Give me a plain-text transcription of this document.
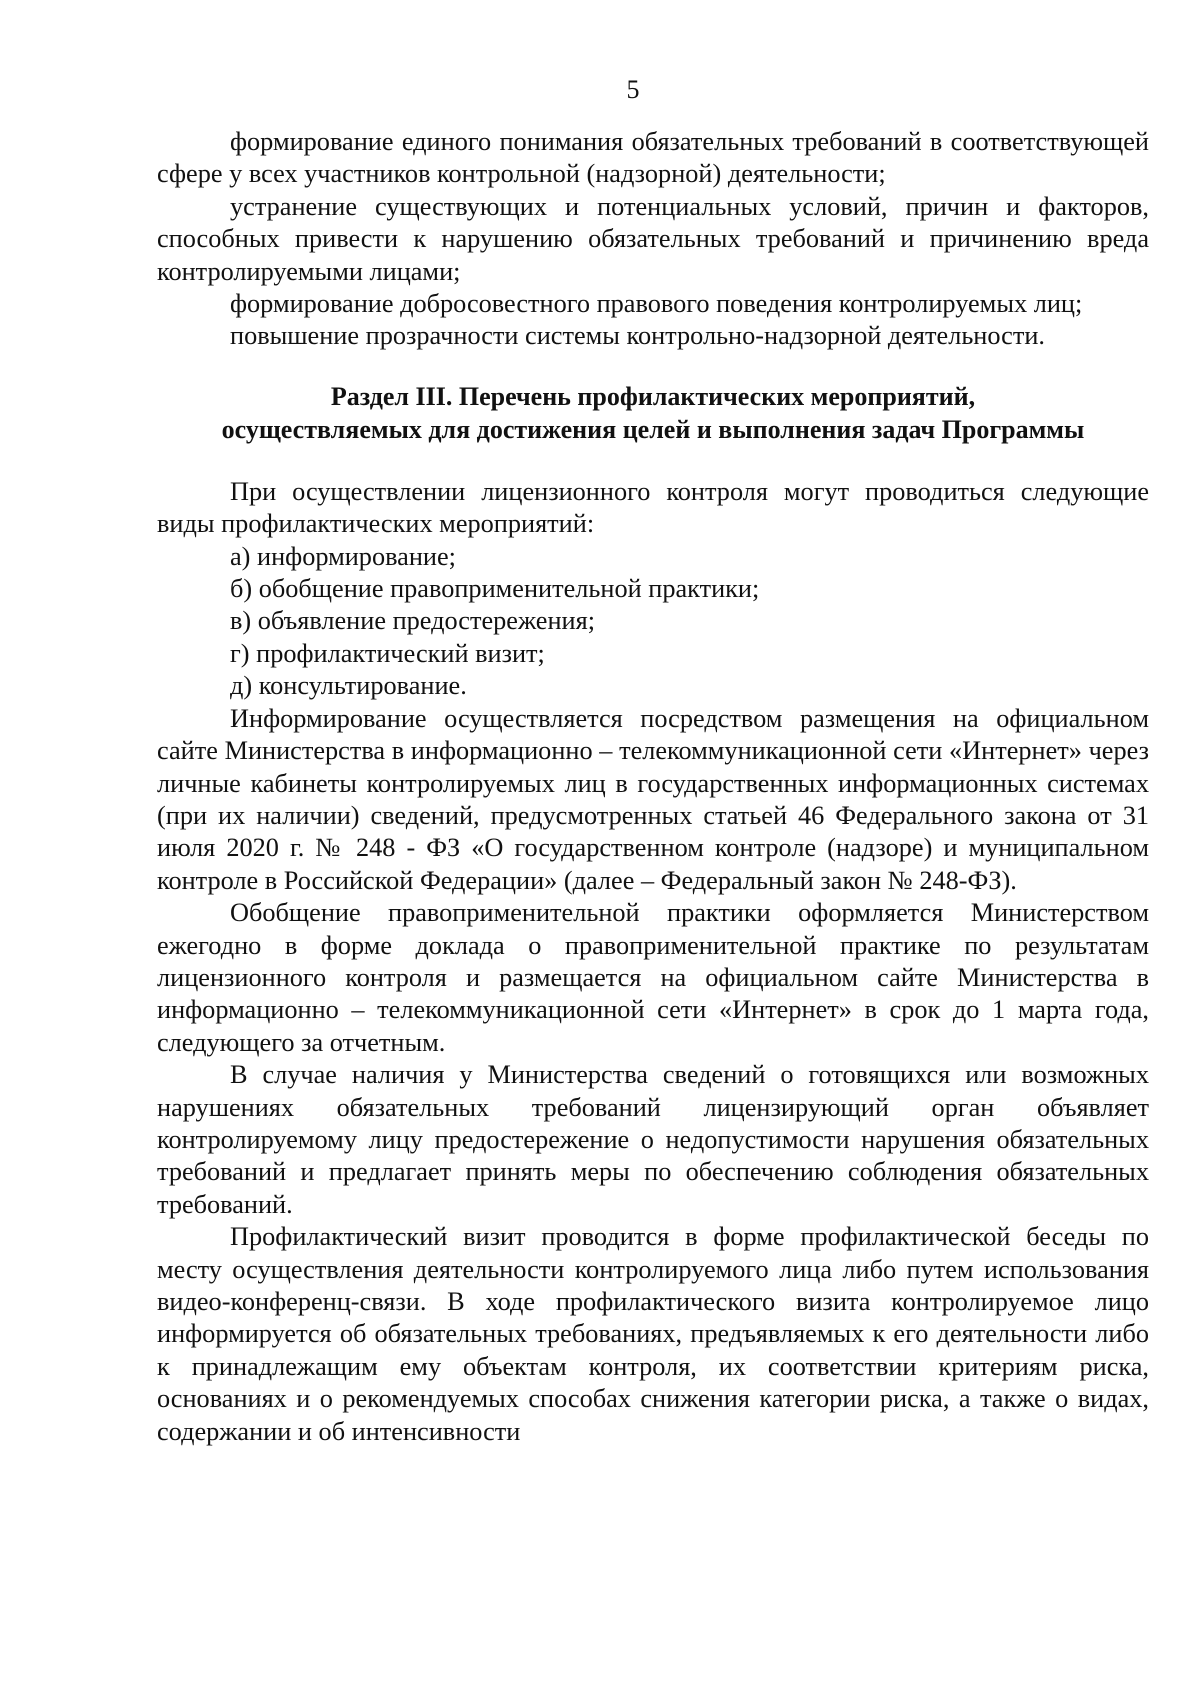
5

формирование единого понимания обязательных требований в соответствующей сфере у всех участников контрольной (надзорной) деятельности;

устранение существующих и потенциальных условий, причин и факторов, способных привести к нарушению обязательных требований и причинению вреда контролируемыми лицами;

формирование добросовестного правового поведения контролируемых лиц;

повышение прозрачности системы контрольно-надзорной деятельности.

Раздел III. Перечень профилактических мероприятий,
осуществляемых для достижения целей и выполнения задач Программы

При осуществлении лицензионного контроля могут проводиться следующие виды профилактических мероприятий:

а) информирование;

б) обобщение правоприменительной практики;

в) объявление предостережения;

г) профилактический визит;

д) консультирование.

Информирование осуществляется посредством размещения на официальном сайте Министерства в информационно – телекоммуникационной сети «Интернет» через личные кабинеты контролируемых лиц в государственных информационных системах (при их наличии) сведений, предусмотренных статьей 46 Федерального закона от 31 июля 2020 г. № 248 - ФЗ «О государственном контроле (надзоре) и муниципальном контроле в Российской Федерации» (далее – Федеральный закон № 248-ФЗ).

Обобщение правоприменительной практики оформляется Министерством ежегодно в форме доклада о правоприменительной практике по результатам лицензионного контроля и размещается на официальном сайте Министерства в информационно – телекоммуникационной сети «Интернет» в срок до 1 марта года, следующего за отчетным.

В случае наличия у Министерства сведений о готовящихся или возможных нарушениях обязательных требований лицензирующий орган объявляет контролируемому лицу предостережение о недопустимости нарушения обязательных требований и предлагает принять меры по обеспечению соблюдения обязательных требований.

Профилактический визит проводится в форме профилактической беседы по месту осуществления деятельности контролируемого лица либо путем использования видео-конференц-связи. В ходе профилактического визита контролируемое лицо информируется об обязательных требованиях, предъявляемых к его деятельности либо к принадлежащим ему объектам контроля, их соответствии критериям риска, основаниях и о рекомендуемых способах снижения категории риска, а также о видах, содержании и об интенсивности
